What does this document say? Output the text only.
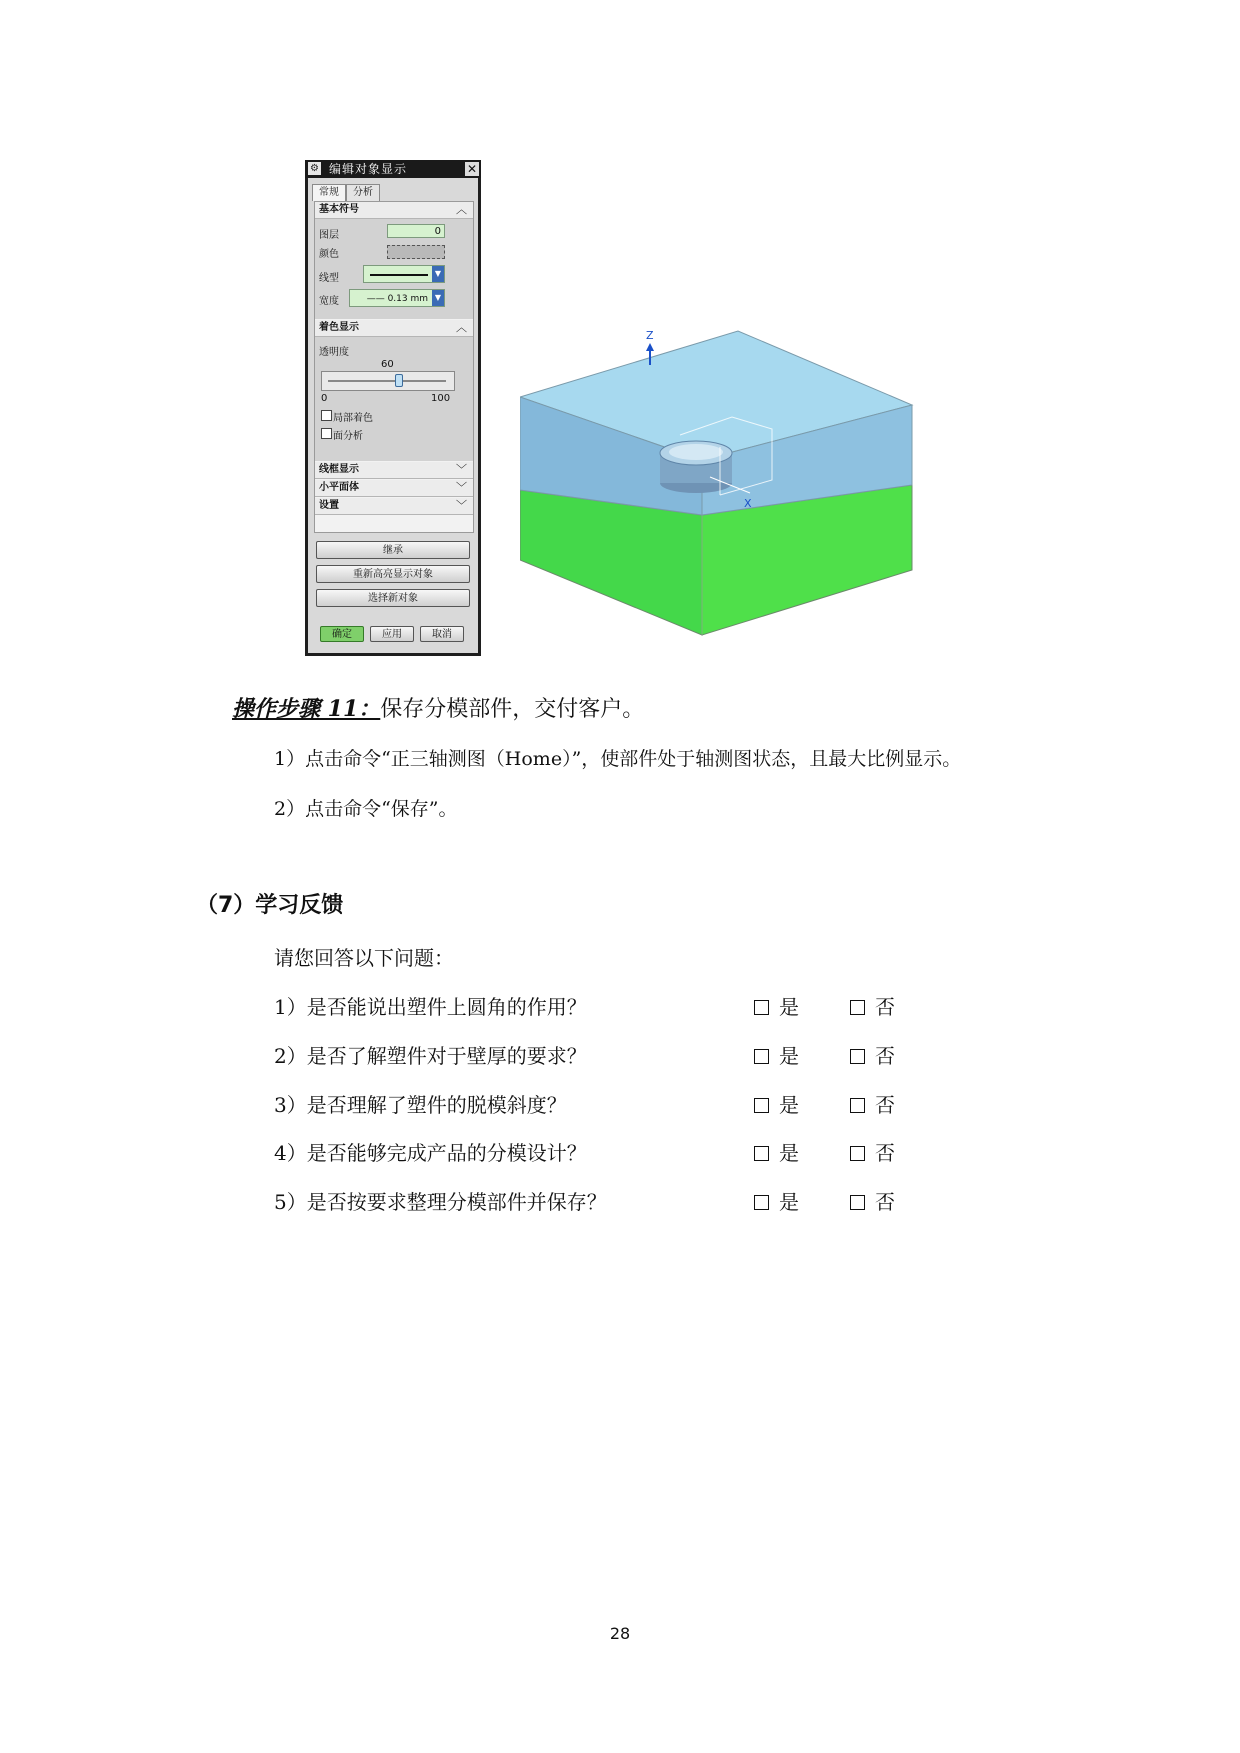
⚙ 编辑对象显示	✕
常规	分析
基本符号	︿
图层	0
颜色
线型	▼
宽度	—— 0.13 mm ▼
着色显示	︿
透明度
60
0	100
局部着色
面分析
线框显示	﹀
小平面体	﹀
设置	﹀
继承
重新高亮显示对象
选择新对象
确定	应用	取消
Z
X
操作步骤 11：保存分模部件，交付客户。
1）点击命令“正三轴测图（Home）”，使部件处于轴测图状态，且最大比例显示。
2）点击命令“保存”。
（7）学习反馈
请您回答以下问题：
1）是否能说出塑件上圆角的作用？	是	否
2）是否了解塑件对于壁厚的要求？	是	否
3）是否理解了塑件的脱模斜度？	是	否
4）是否能够完成产品的分模设计？	是	否
5）是否按要求整理分模部件并保存？	是	否
28
